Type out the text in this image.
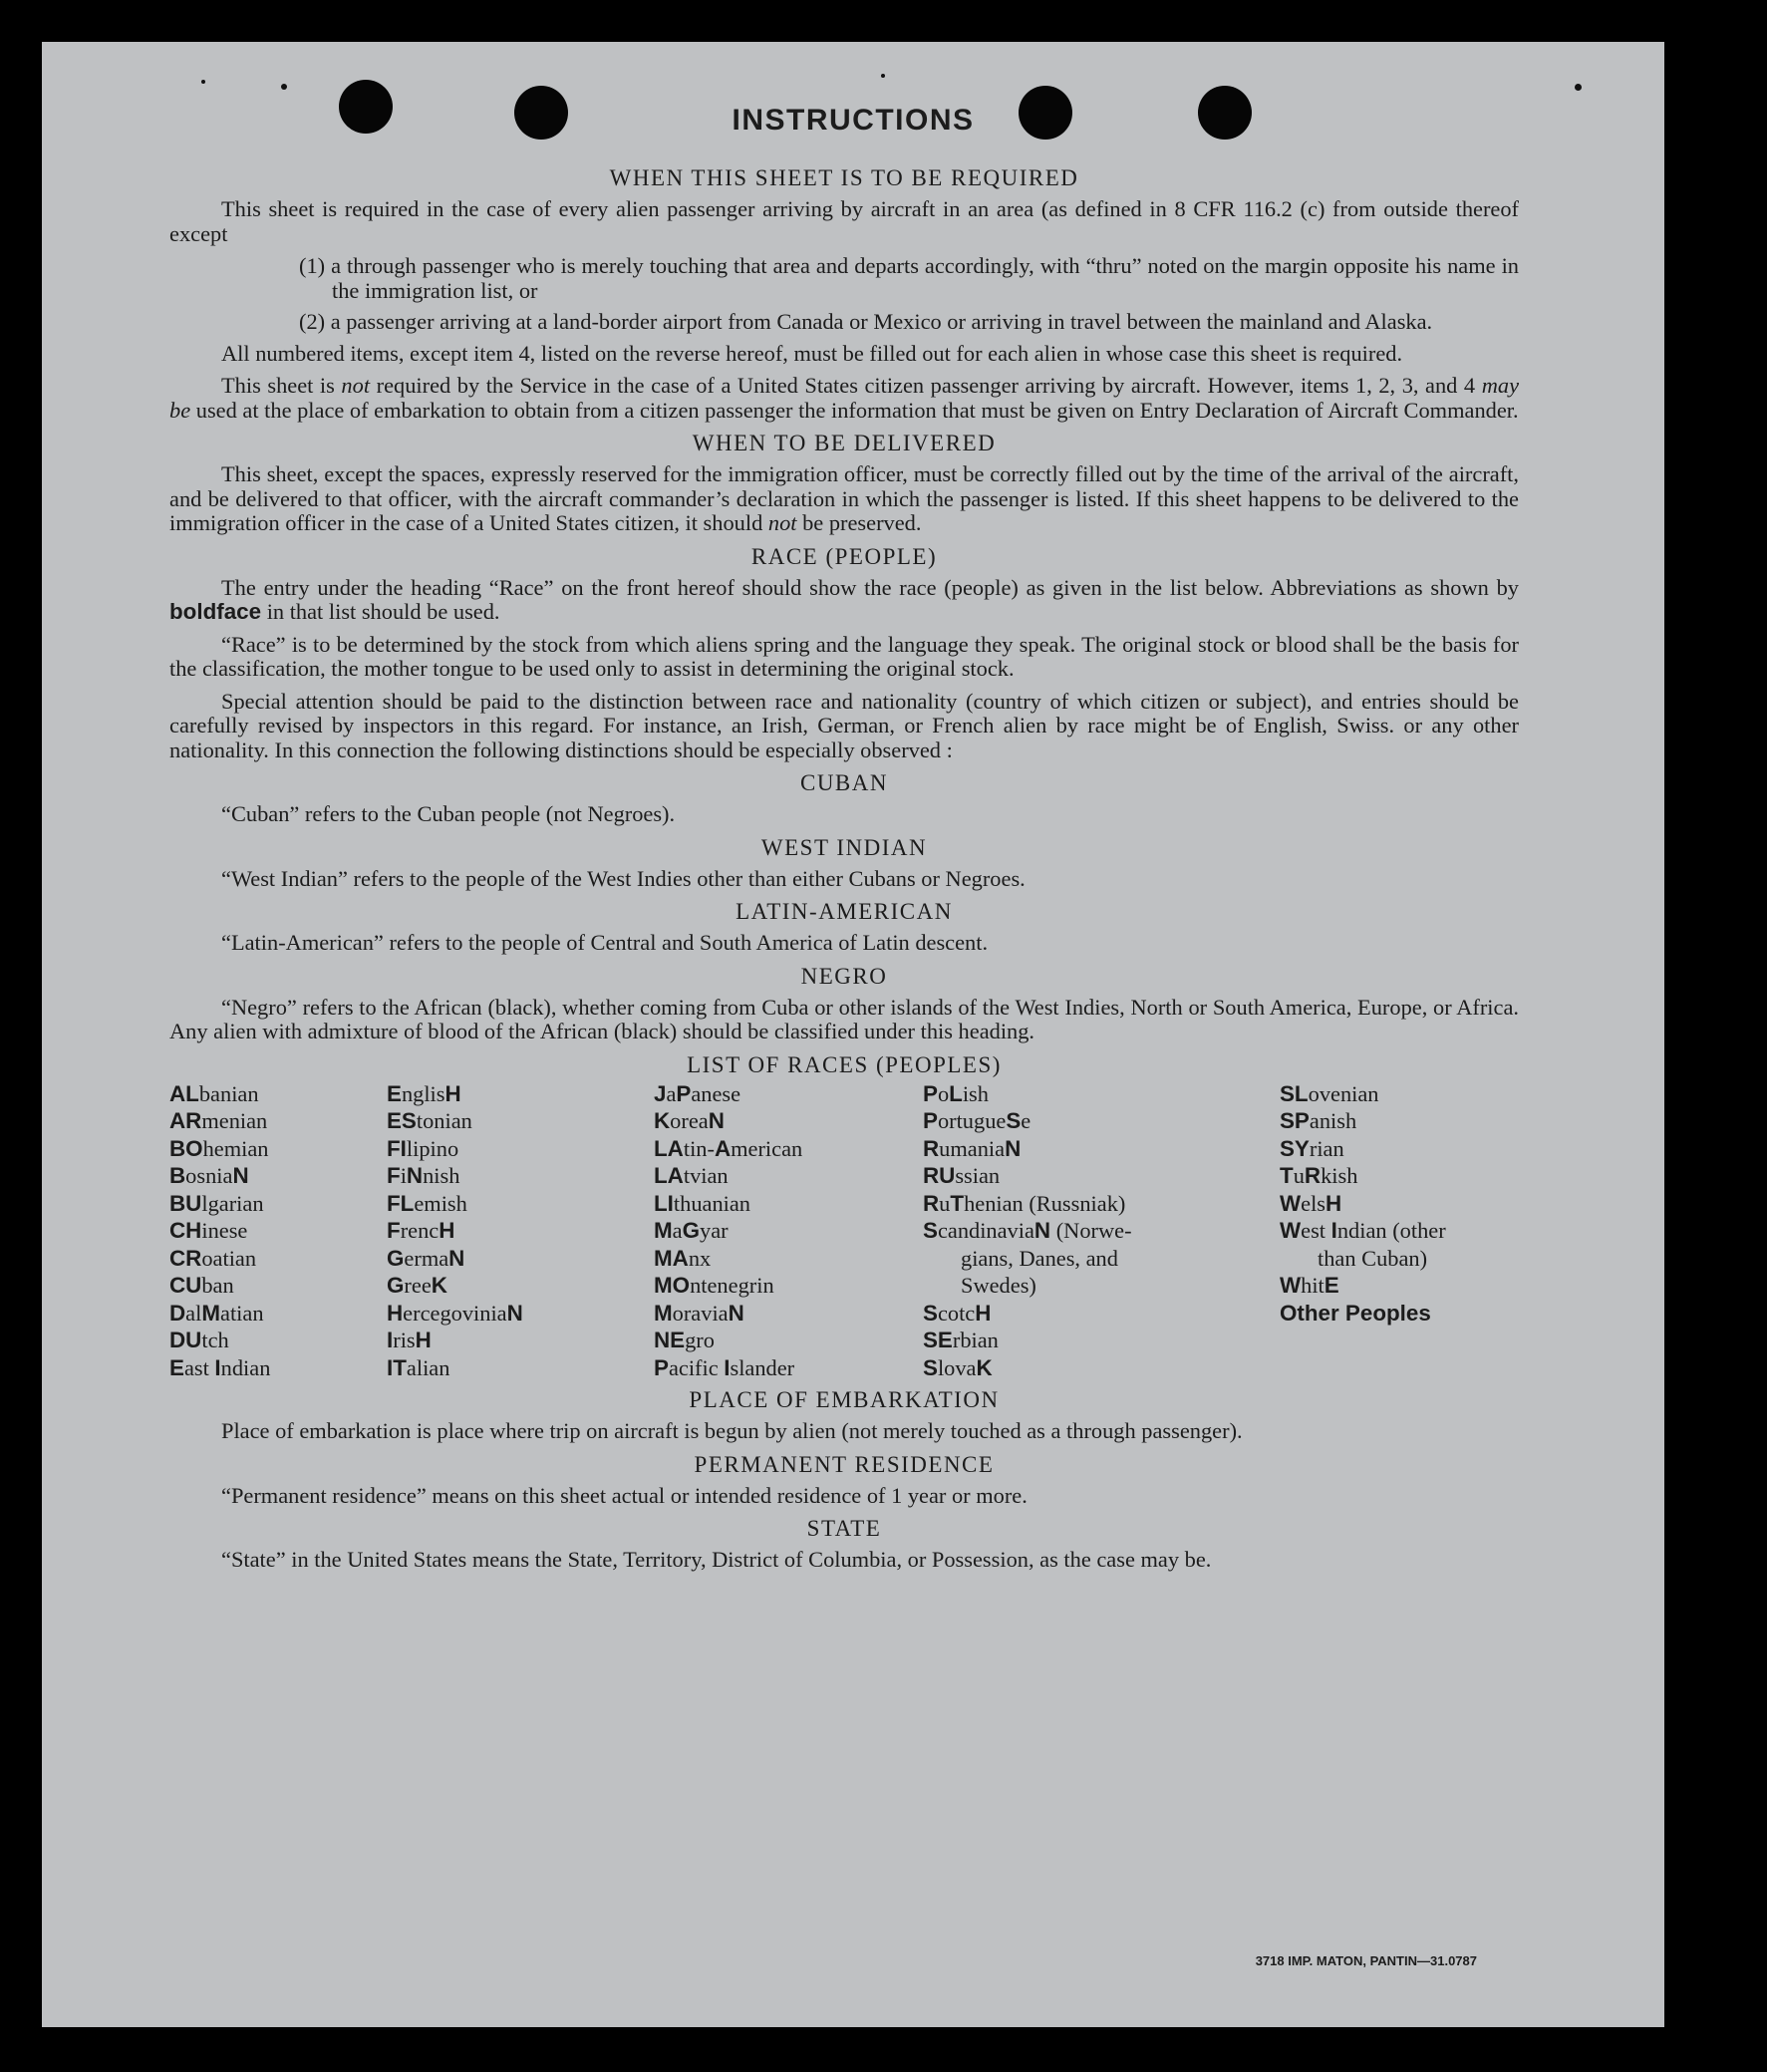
INSTRUCTIONS
WHEN THIS SHEET IS TO BE REQUIRED
This sheet is required in the case of every alien passenger arriving by aircraft in an area (as defined in 8 CFR 116.2 (c) from outside thereof except
(1) a through passenger who is merely touching that area and departs accordingly, with “thru” noted on the margin opposite his name in the immigration list, or
(2) a passenger arriving at a land-border airport from Canada or Mexico or arriving in travel between the mainland and Alaska.
All numbered items, except item 4, listed on the reverse hereof, must be filled out for each alien in whose case this sheet is required.
This sheet is not required by the Service in the case of a United States citizen passenger arriving by aircraft. However, items 1, 2, 3, and 4 may be used at the place of embarkation to obtain from a citizen passenger the information that must be given on Entry Declaration of Aircraft Commander.
WHEN TO BE DELIVERED
This sheet, except the spaces, expressly reserved for the immigration officer, must be correctly filled out by the time of the arrival of the aircraft, and be delivered to that officer, with the aircraft commander’s declaration in which the passenger is listed. If this sheet happens to be delivered to the immigration officer in the case of a United States citizen, it should not be preserved.
RACE (PEOPLE)
The entry under the heading “Race” on the front hereof should show the race (people) as given in the list below. Abbreviations as shown by boldface in that list should be used.
“Race” is to be determined by the stock from which aliens spring and the language they speak. The original stock or blood shall be the basis for the classification, the mother tongue to be used only to assist in determining the original stock.
Special attention should be paid to the distinction between race and nationality (country of which citizen or subject), and entries should be carefully revised by inspectors in this regard. For instance, an Irish, German, or French alien by race might be of English, Swiss. or any other nationality. In this connection the following distinctions should be especially observed :
CUBAN
“Cuban” refers to the Cuban people (not Negroes).
WEST INDIAN
“West Indian” refers to the people of the West Indies other than either Cubans or Negroes.
LATIN-AMERICAN
“Latin-American” refers to the people of Central and South America of Latin descent.
NEGRO
“Negro” refers to the African (black), whether coming from Cuba or other islands of the West Indies, North or South America, Europe, or Africa. Any alien with admixture of blood of the African (black) should be classified under this heading.
LIST OF RACES (PEOPLES)
ALbanian
ARmenian
BOhemian
BosniaN
BUlgarian
CHinese
CRoatian
CUban
DalMatian
DUtch
East Indian
EnglisH
EStonian
FIlipino
FiNnish
FLemish
FrencH
GermaN
GreeK
HercegoviniaN
IrisH
ITalian
JaPanese
KoreaN
LAtin-American
LAtvian
LIthuanian
MaGyar
MAnx
MOntenegrin
MoraviaN
NEgro
Pacific Islander
PoLish
PortugueSe
RumaniaN
RUssian
RuThenian (Russniak)
ScandinaviaN (Norwe-
gians, Danes, and
Swedes)
ScotcH
SErbian
SlovaK
SLovenian
SPanish
SYrian
TuRkish
WelsH
West Indian (other
than Cuban)
WhitE
Other Peoples
PLACE OF EMBARKATION
Place of embarkation is place where trip on aircraft is begun by alien (not merely touched as a through passenger).
PERMANENT RESIDENCE
“Permanent residence” means on this sheet actual or intended residence of 1 year or more.
STATE
“State” in the United States means the State, Territory, District of Columbia, or Possession, as the case may be.
3718 IMP. MATON, PANTIN—31.0787
